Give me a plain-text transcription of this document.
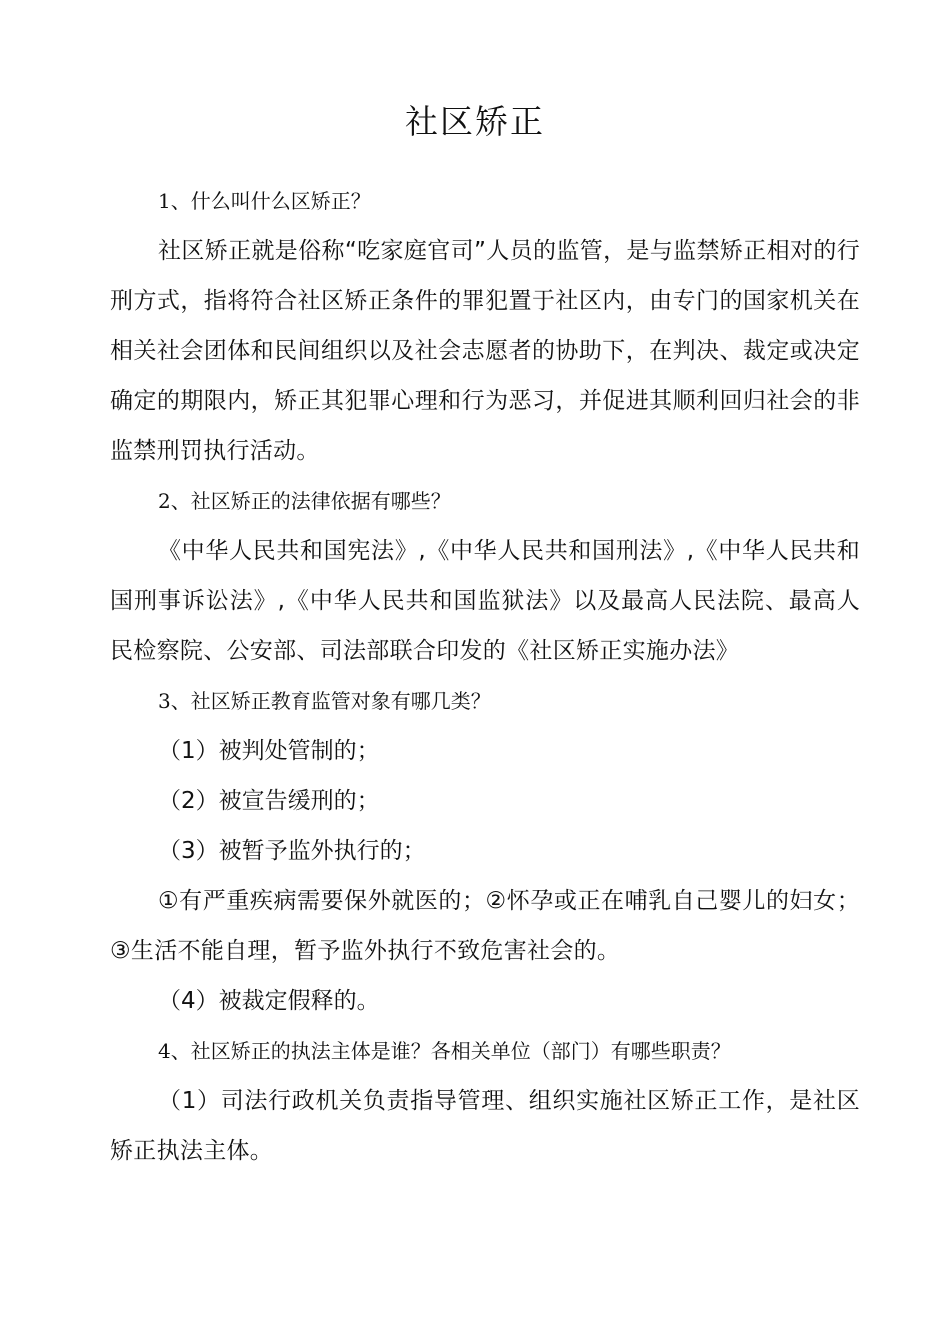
社区矫正

1、什么叫什么区矫正？

社区矫正就是俗称“吃家庭官司”人员的监管，是与监禁矫正相对的行刑方式，指将符合社区矫正条件的罪犯置于社区内，由专门的国家机关在相关社会团体和民间组织以及社会志愿者的协助下，在判决、裁定或决定确定的期限内，矫正其犯罪心理和行为恶习，并促进其顺利回归社会的非监禁刑罚执行活动。

2、社区矫正的法律依据有哪些？

《中华人民共和国宪法》,《中华人民共和国刑法》,《中华人民共和国刑事诉讼法》,《中华人民共和国监狱法》以及最高人民法院、最高人民检察院、公安部、司法部联合印发的《社区矫正实施办法》

3、社区矫正教育监管对象有哪几类？

（1）被判处管制的；

（2）被宣告缓刑的；

（3）被暂予监外执行的；

①有严重疾病需要保外就医的；②怀孕或正在哺乳自己婴儿的妇女；③生活不能自理，暂予监外执行不致危害社会的。

（4）被裁定假释的。

4、社区矫正的执法主体是谁？各相关单位（部门）有哪些职责？

（1）司法行政机关负责指导管理、组织实施社区矫正工作，是社区矫正执法主体。
